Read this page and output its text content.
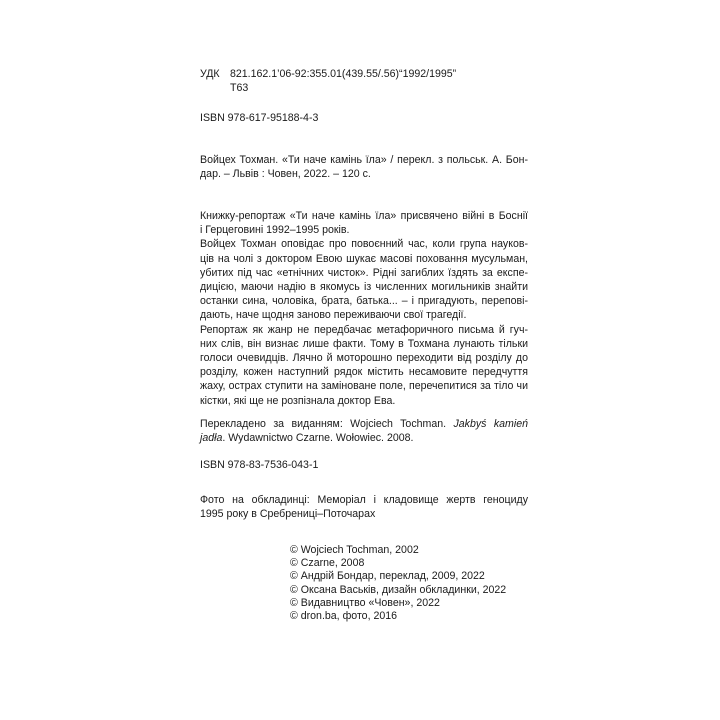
УДК 821.162.1’06-92:355.01(439.55/.56)“1992/1995”
Т63
ISBN 978-617-95188-4-3
Войцех Тохман. «Ти наче камінь їла» / перекл. з польськ. А. Бон-
дар. – Львів : Човен, 2022. – 120 с.
Книжку-репортаж «Ти наче камінь їла» присвячено війні в Боснії
і Герцеговині 1992–1995 років.
Войцех Тохман оповідає про повоєнний час, коли група науков-
ців на чолі з доктором Евою шукає масові поховання мусульман,
убитих під час «етнічних чисток». Рідні загиблих їздять за експе-
дицією, маючи надію в якомусь із численних могильників знайти
останки сина, чоловіка, брата, батька... – і пригадують, перепові-
дають, наче щодня заново переживаючи свої трагедії.
Репортаж як жанр не передбачає метафоричного письма й гуч-
них слів, він визнає лише факти. Тому в Тохмана лунають тільки
голоси очевидців. Лячно й моторошно переходити від розділу до
розділу, кожен наступний рядок містить несамовите передчуття
жаху, острах ступити на заміноване поле, перечепитися за тіло чи
кістки, які ще не розпізнала доктор Ева.
Перекладено за виданням: Wojciech Tochman. Jakbyś kamień
jadła. Wydawnictwo Czarne. Wołowiec. 2008.
ISBN 978-83-7536-043-1
Фото на обкладинці: Меморіал і кладовище жертв геноциду
1995 року в Сребрениці–Поточарах
© Wojciech Tochman, 2002
© Czarne, 2008
© Андрій Бондар, переклад, 2009, 2022
© Оксана Васьків, дизайн обкладинки, 2022
© Видавництво «Човен», 2022
© dron.ba, фото, 2016
